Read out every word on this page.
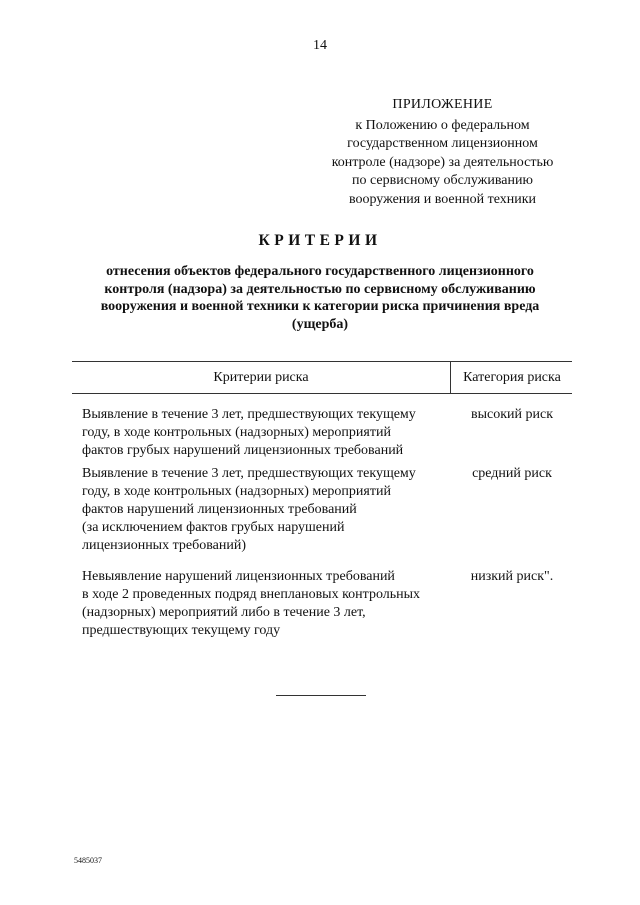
14
ПРИЛОЖЕНИЕ
к Положению о федеральном
государственном лицензионном
контроле (надзоре) за деятельностью
по сервисному обслуживанию
вооружения и военной техники
КРИТЕРИИ
отнесения объектов федерального государственного лицензионного
контроля (надзора) за деятельностью по сервисному обслуживанию
вооружения и военной техники к категории риска причинения вреда
(ущерба)
Критерии риска	Категория риска
Выявление в течение 3 лет, предшествующих текущему
году, в ходе контрольных (надзорных) мероприятий
фактов грубых нарушений лицензионных требований
высокий риск
Выявление в течение 3 лет, предшествующих текущему
году, в ходе контрольных (надзорных) мероприятий
фактов нарушений лицензионных требований
(за исключением фактов грубых нарушений
лицензионных требований)
средний риск
Невыявление нарушений лицензионных требований
в ходе 2 проведенных подряд внеплановых контрольных
(надзорных) мероприятий либо в течение 3 лет,
предшествующих текущему году
низкий риск".
5485037
